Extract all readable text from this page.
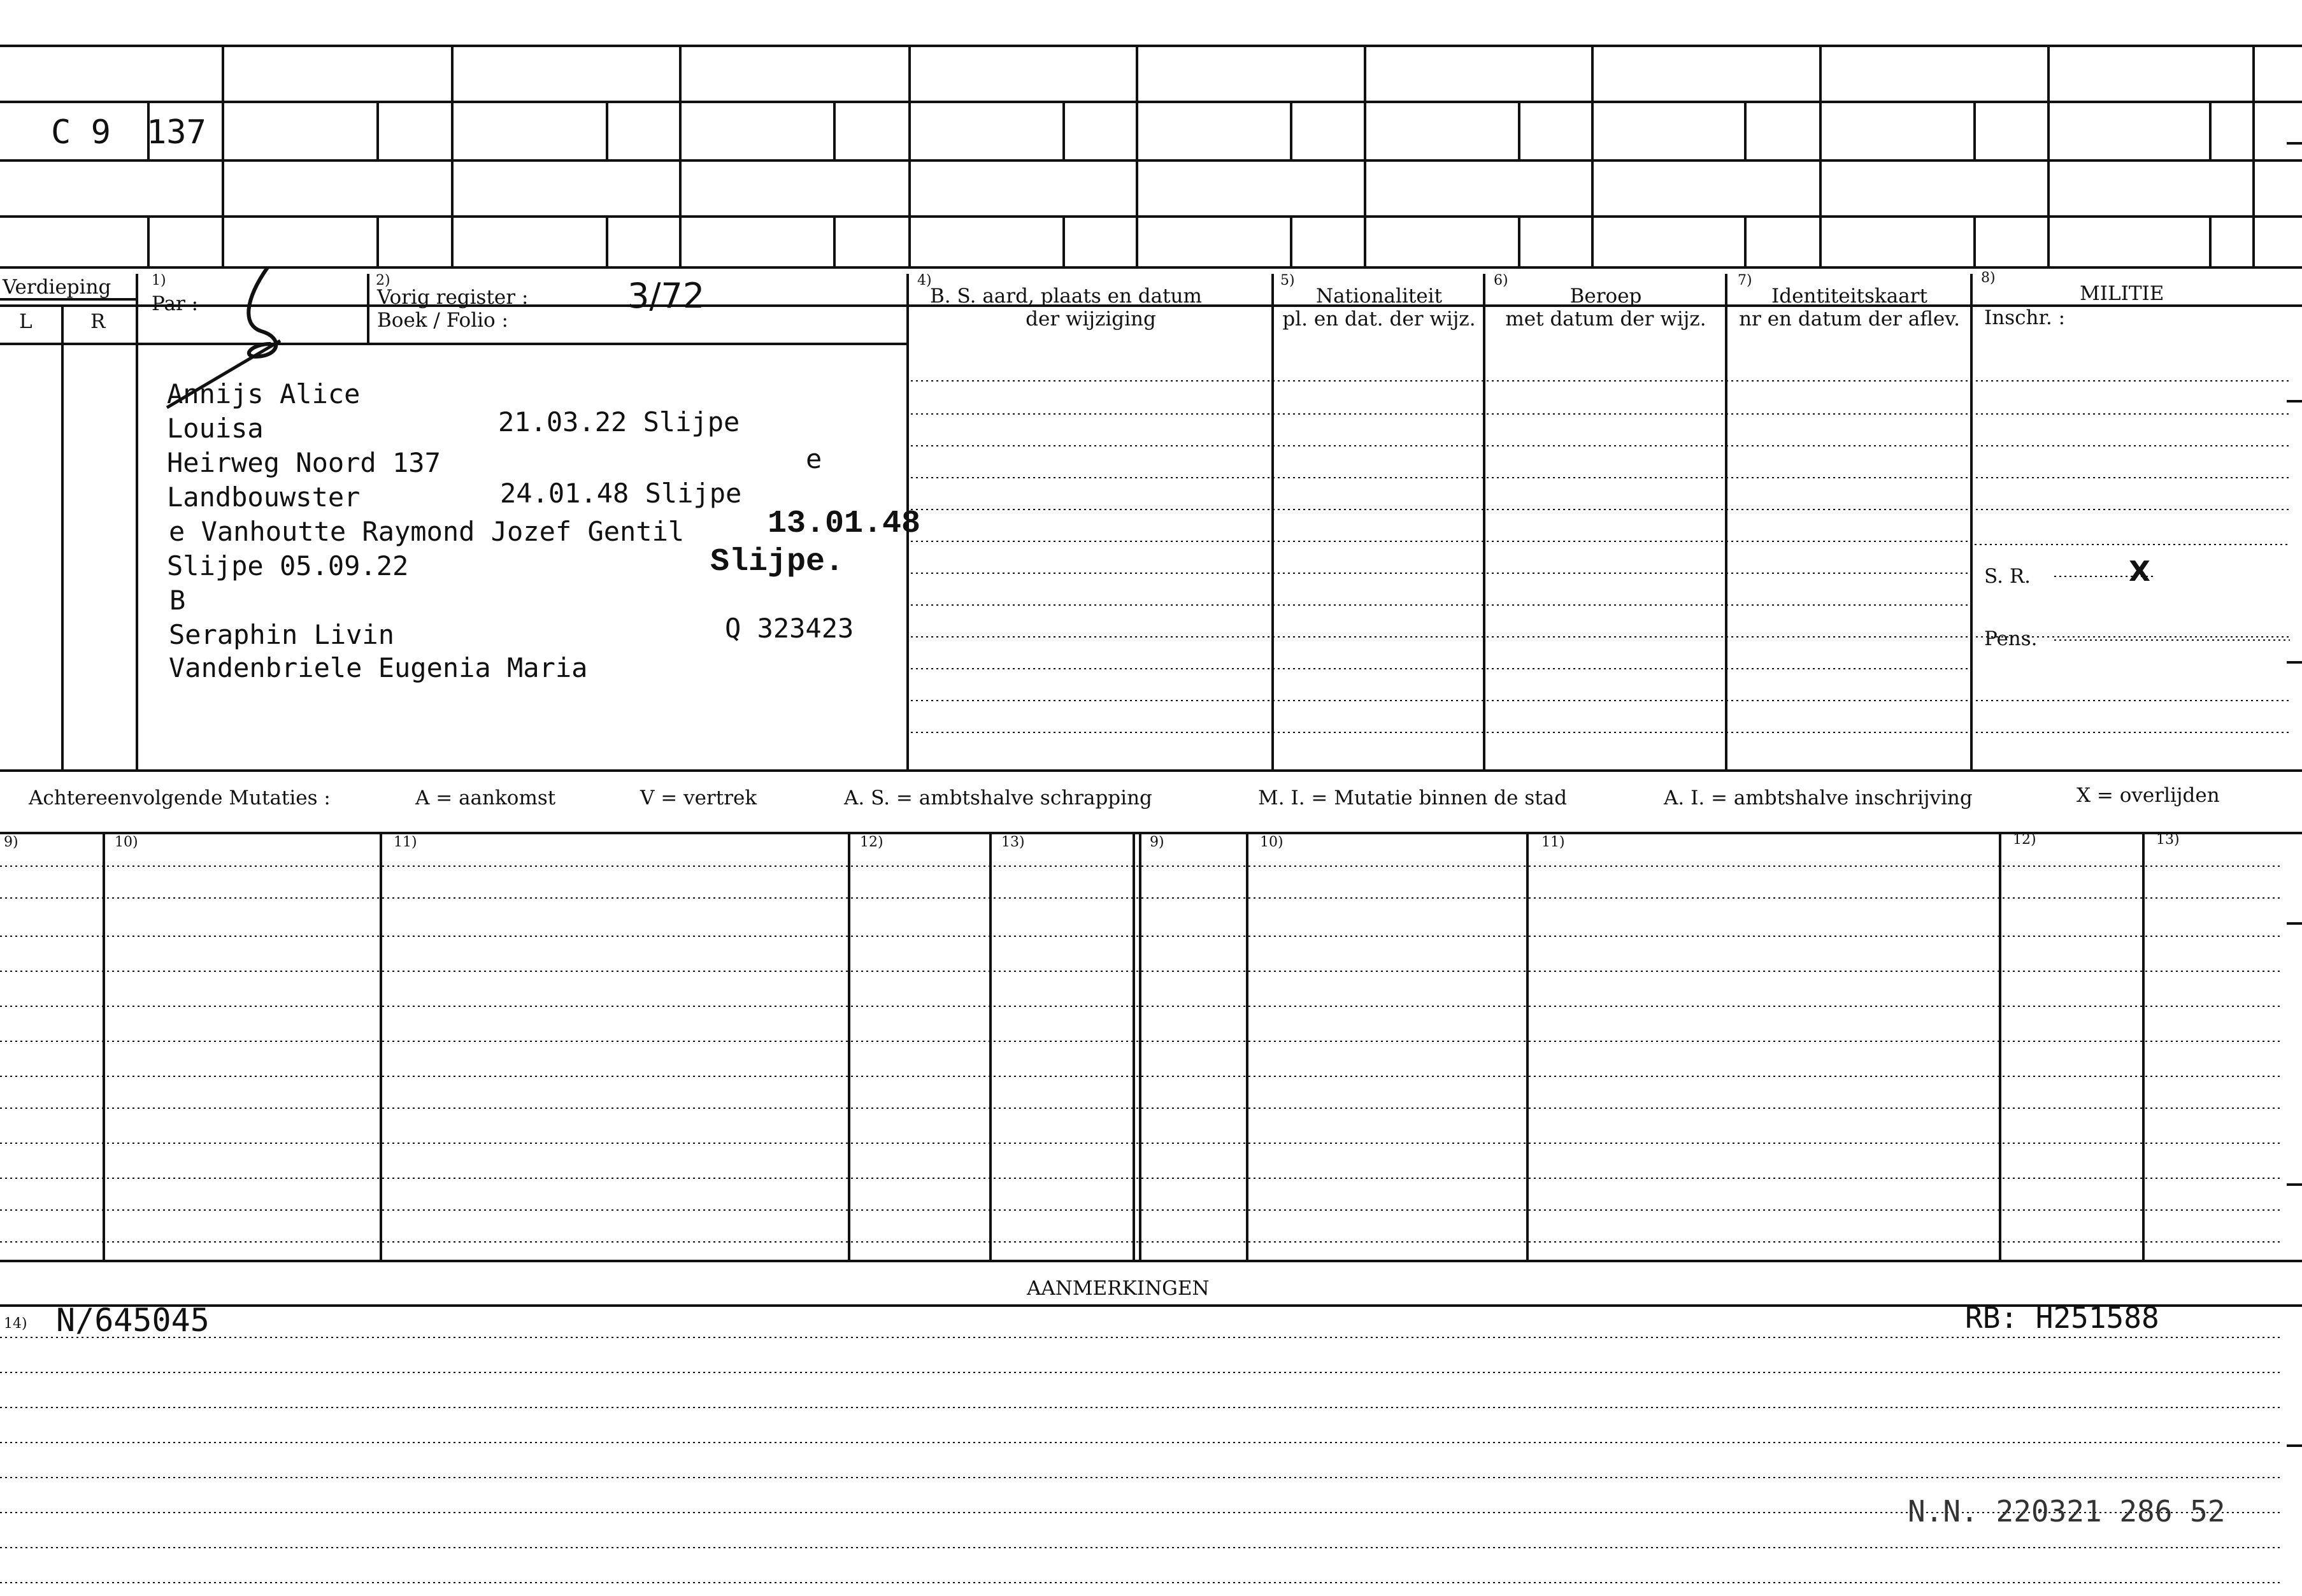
C 9 137
Verdieping
L	R
1)
Par :
2)
Vorig register :	3/72
Boek / Folio :
4)
B. S. aard, plaats en datum
der wijziging
5)
Nationaliteit
pl. en dat. der wijz.
6)
Beroep
met datum der wijz.
7)
Identiteitskaart
nr en datum der aflev.
8)
MILITIE
Inschr. :
S. R.	X
Pens.
Annijs Alice
Louisa	21.03.22 Slijpe
Heirweg Noord 137	e
Landbouwster	24.01.48 Slijpe
e Vanhoutte Raymond Jozef Gentil	13.01.48
Slijpe 05.09.22	Slijpe.
B
Seraphin Livin	Q 323423
Vandenbriele Eugenia Maria
Achtereenvolgende Mutaties :	A = aankomst	V = vertrek	A. S. = ambtshalve schrapping	M. I. = Mutatie binnen de stad	A. I. = ambtshalve inschrijving	X = overlijden
9)	10)	11)	12)	13)	9)	10)	11)	12)	13)
AANMERKINGEN
14) N/645045	RB: H251588
N.N. 220321 286 52
